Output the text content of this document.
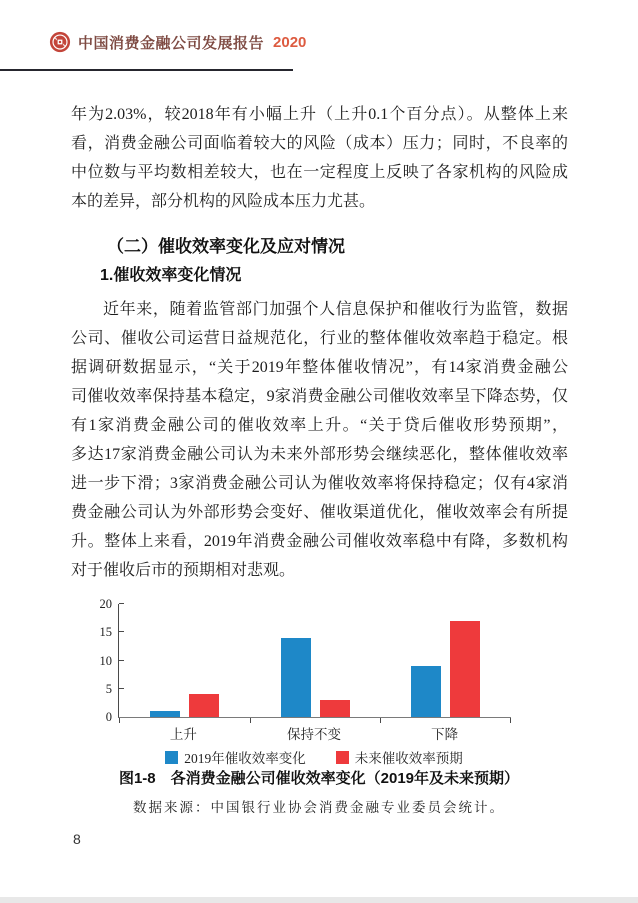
中国消费金融公司发展报告 2020
年为2.03%，较2018年有小幅上升（上升0.1个百分点）。从整体上来
看，消费金融公司面临着较大的风险（成本）压力；同时，不良率的
中位数与平均数相差较大，也在一定程度上反映了各家机构的风险成
本的差异，部分机构的风险成本压力尤甚。
（二）催收效率变化及应对情况
1.催收效率变化情况
近年来，随着监管部门加强个人信息保护和催收行为监管，数据
公司、催收公司运营日益规范化，行业的整体催收效率趋于稳定。根
据调研数据显示，“关于2019年整体催收情况”，有14家消费金融公
司催收效率保持基本稳定，9家消费金融公司催收效率呈下降态势，仅
有1家消费金融公司的催收效率上升。“关于贷后催收形势预期”，
多达17家消费金融公司认为未来外部形势会继续恶化，整体催收效率
进一步下滑；3家消费金融公司认为催收效率将保持稳定；仅有4家消
费金融公司认为外部形势会变好、催收渠道优化，催收效率会有所提
升。整体上来看，2019年消费金融公司催收效率稳中有降，多数机构
对于催收后市的预期相对悲观。
0
5
10
15
20
上升	保持不变	下降
2019年催收效率变化	未来催收效率预期
图1-8　各消费金融公司催收效率变化（2019年及未来预期）
数据来源：中国银行业协会消费金融专业委员会统计。
8
